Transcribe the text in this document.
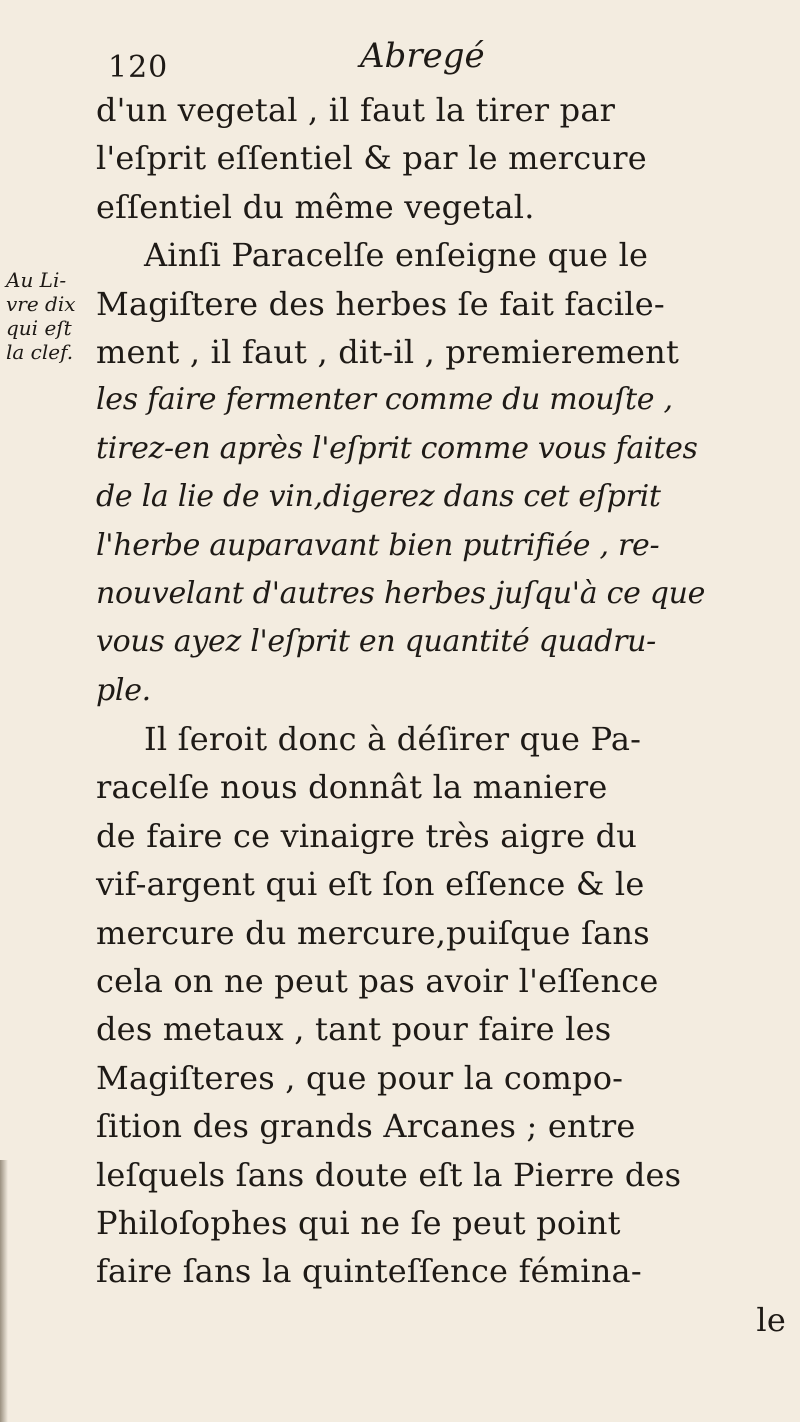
120	Abregé
Au Li-
vre dix
qui eſt
la clef.
d'un vegetal , il faut la tirer par
l'eſprit eſſentiel & par le mercure
eſſentiel du même vegetal.
Ainſi Paracelſe enſeigne que le
Magiſtere des herbes ſe fait facile-
ment , il faut , dit-il , premierement
les faire fermenter comme du mouſte ,
tirez-en après l'eſprit comme vous faites
de la lie de vin,digerez dans cet eſprit
l'herbe auparavant bien putrifiée , re-
nouvelant d'autres herbes juſqu'à ce que
vous ayez l'eſprit en quantité quadru-
ple.
Il ſeroit donc à déſirer que Pa-
racelſe nous donnât la maniere
de faire ce vinaigre très aigre du
vif-argent qui eſt ſon eſſence & le
mercure du mercure,puiſque ſans
cela on ne peut pas avoir l'eſſence
des metaux , tant pour faire les
Magiſteres , que pour la compo-
ſition des grands Arcanes ; entre
leſquels ſans doute eſt la Pierre des
Philoſophes qui ne ſe peut point
faire ſans la quinteſſence fémina-
le
